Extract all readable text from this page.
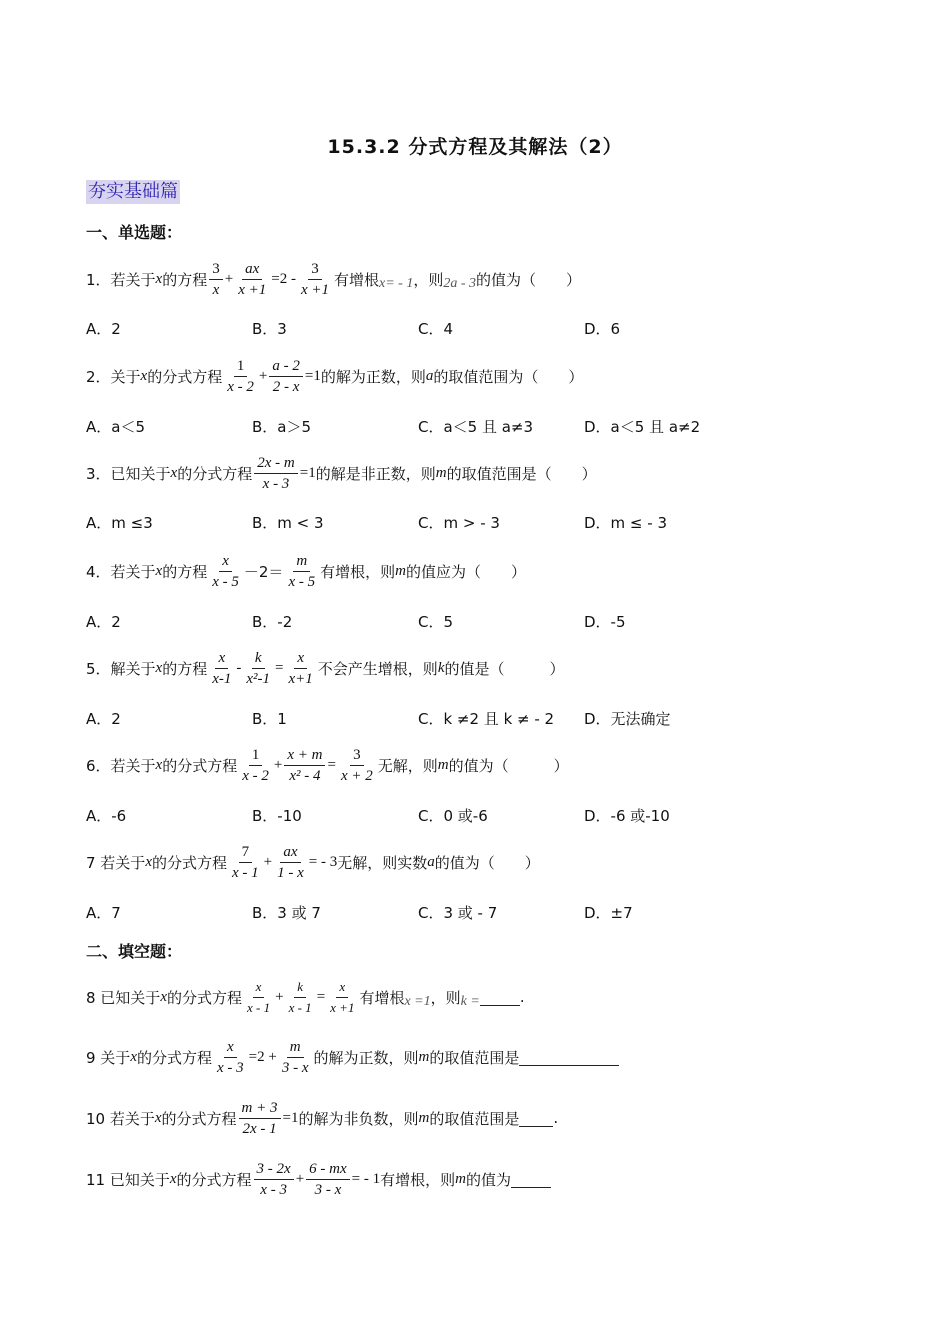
15.3.2 分式方程及其解法（2）
夯实基础篇
一、单选题：
1．若关于 x 的方程 $\frac{3}{x} + \frac{ax}{x +1} =2 - \frac{3}{x +1}$ 有增根 x= - 1 ，则 2a - 3 的值为（　　）
A．2	B．3	C．4	D．6
2．关于 x 的分式方程 $\frac{1}{x - 2} + \frac{a - 2}{2 - x} =1$ 的解为正数，则 a 的取值范围为（　　）
A．a＜5	B．a＞5	C．a＜5 且 a≠3	D．a＜5 且 a≠2
3．已知关于 x 的分式方程 $\frac{2x - m}{x - 3} =1$ 的解是非正数，则 m 的取值范围是（　　）
A．m ≤3	B．m < 3	C．m > - 3	D．m ≤ - 3
4．若关于 x 的方程 $\frac{x}{x - 5} -2= \frac{m}{x - 5}$ 有增根，则 m 的值应为（　　）
A．2	B．-2	C．5	D．-5
5．解关于 x 的方程 $\frac{x}{x-1} - \frac{k}{\text{x²-1}} = \frac{x}{x+1}$ 不会产生增根，则 k 的值是（　　　）
A．2	B．1	C．k ≠2 且 k ≠ - 2	D．无法确定
6．若关于 x 的分式方程 $\frac{1}{x - 2} + \frac{x + m}{\text{x² - 4}} = \frac{3}{x + 2}$ 无解，则 m 的值为（　　　）
A．-6	B．-10	C．0 或-6	D．-6 或-10
7 若关于 x 的分式方程 $\frac{7}{x - 1} + \frac{ax}{1 - x}$ = - 3 无解，则实数 a 的值为（　　）
A．7	B．3 或 7	C．3 或 - 7	D．±7
二、填空题：
8 已知关于 x 的分式方程 $\frac{x}{x - 1} + \frac{k}{x - 1} = \frac{x}{x +1}$ 有增根 x =1 ，则 k =	.
9 关于 x 的分式方程 $\frac{x}{x - 3} =2 + \frac{m}{3 - x}$ 的解为正数，则 m 的取值范围是
10 若关于 x 的分式方程 $\frac{m + 3}{2x - 1} =1$ 的解为非负数，则 m 的取值范围是 .
11 已知关于 x 的分式方程 $\frac{3 - 2x}{x - 3} + \frac{6 - mx}{3 - x}$ = - 1 有增根，则 m 的值为
